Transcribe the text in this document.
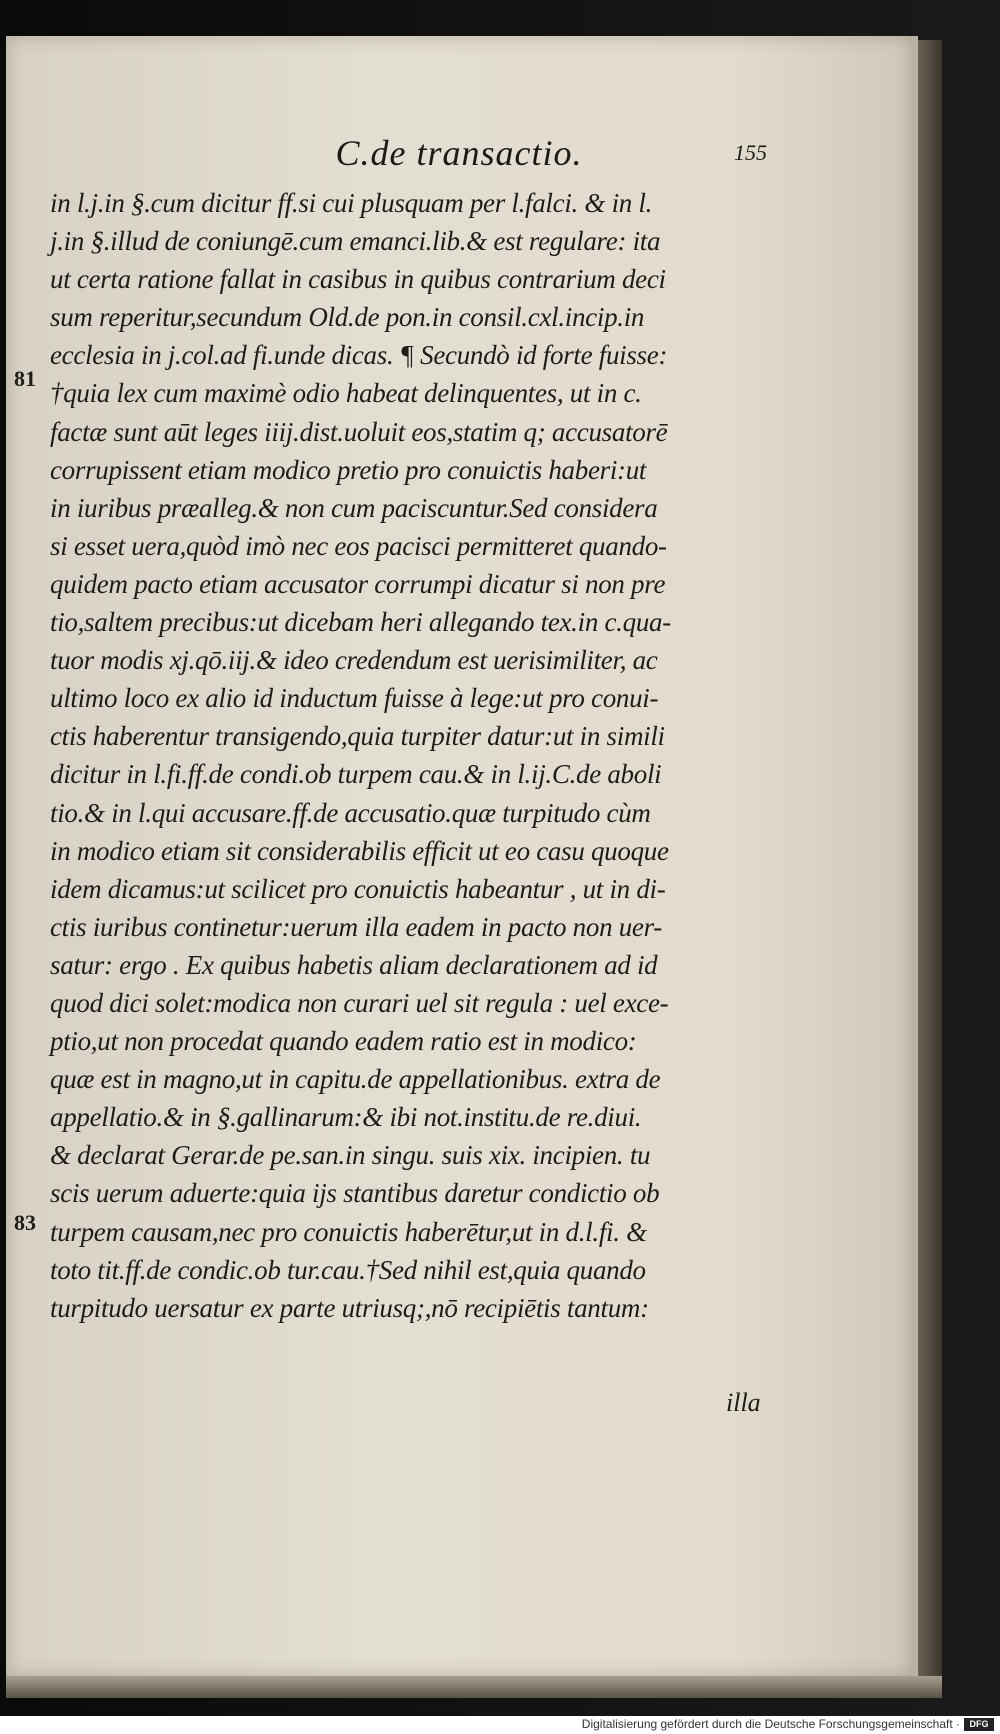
C.de transactio.	155
81
83
in l.j.in §.cum dicitur ff.si cui plusquam per l.falci. & in l.
j.in §.illud de coniungē.cum emanci.lib.& est regulare: ita
ut certa ratione fallat in casibus in quibus contrarium deci
sum reperitur,secundum Old.de pon.in consil.cxl.incip.in
ecclesia in j.col.ad fi.unde dicas. ¶ Secundò id forte fuisse:
†quia lex cum maximè odio habeat delinquentes, ut in c.
factæ sunt aūt leges iiij.dist.uoluit eos,statim q; accusatorē
corrupissent etiam modico pretio pro conuictis haberi:ut
in iuribus præalleg.& non cum paciscuntur.Sed considera
si esset uera,quòd imò nec eos pacisci permitteret quando-
quidem pacto etiam accusator corrumpi dicatur si non pre
tio,saltem precibus:ut dicebam heri allegando tex.in c.qua-
tuor modis xj.qō.iij.& ideo credendum est uerisimiliter, ac
ultimo loco ex alio id inductum fuisse à lege:ut pro conui-
ctis haberentur transigendo,quia turpiter datur:ut in simili
dicitur in l.fi.ff.de condi.ob turpem cau.& in l.ij.C.de aboli
tio.& in l.qui accusare.ff.de accusatio.quæ turpitudo cùm
in modico etiam sit considerabilis efficit ut eo casu quoque
idem dicamus:ut scilicet pro conuictis habeantur , ut in di-
ctis iuribus continetur:uerum illa eadem in pacto non uer-
satur: ergo . Ex quibus habetis aliam declarationem ad id
quod dici solet:modica non curari uel sit regula : uel exce-
ptio,ut non procedat quando eadem ratio est in modico:
quæ est in magno,ut in capitu.de appellationibus. extra de
appellatio.& in §.gallinarum:& ibi not.institu.de re.diui.
& declarat Gerar.de pe.san.in singu. suis xix. incipien. tu
scis uerum aduerte:quia ijs stantibus daretur condictio ob
turpem causam,nec pro conuictis haberētur,ut in d.l.fi. &
toto tit.ff.de condic.ob tur.cau.†Sed nihil est,quia quando
turpitudo uersatur ex parte utriusq;,nō recipiētis tantum:
illa
Digitalisierung gefördert durch die Deutsche Forschungsgemeinschaft ·	DFG
